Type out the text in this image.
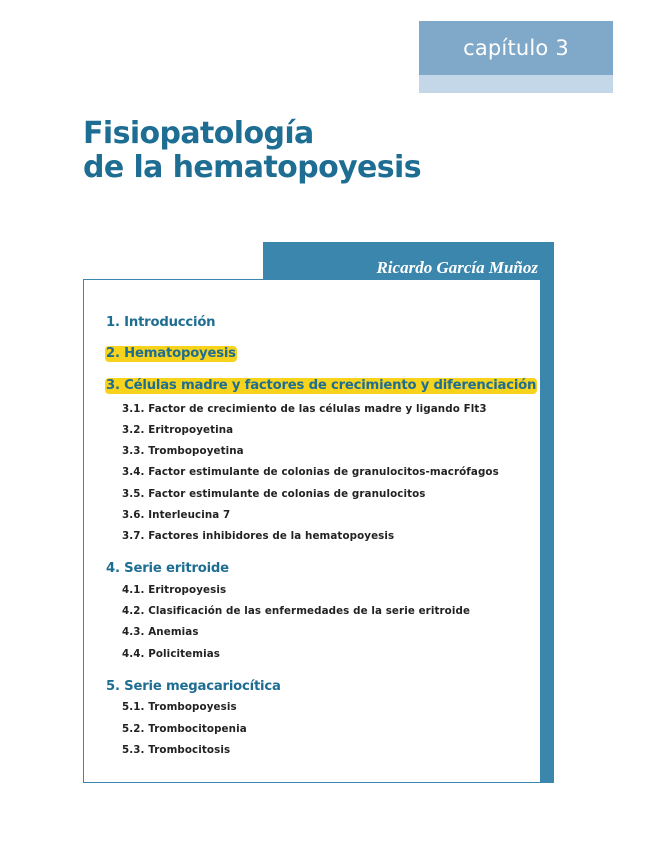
capítulo 3
Fisiopatología
de la hematopoyesis
Ricardo García Muñoz
1. Introducción
2. Hematopoyesis
3. Células madre y factores de crecimiento y diferenciación
3.1. Factor de crecimiento de las células madre y ligando Flt3
3.2. Eritropoyetina
3.3. Trombopoyetina
3.4. Factor estimulante de colonias de granulocitos-macrófagos
3.5. Factor estimulante de colonias de granulocitos
3.6. Interleucina 7
3.7. Factores inhibidores de la hematopoyesis
4. Serie eritroide
4.1. Eritropoyesis
4.2. Clasificación de las enfermedades de la serie eritroide
4.3. Anemias
4.4. Policitemias
5. Serie megacariocítica
5.1. Trombopoyesis
5.2. Trombocitopenia
5.3. Trombocitosis
